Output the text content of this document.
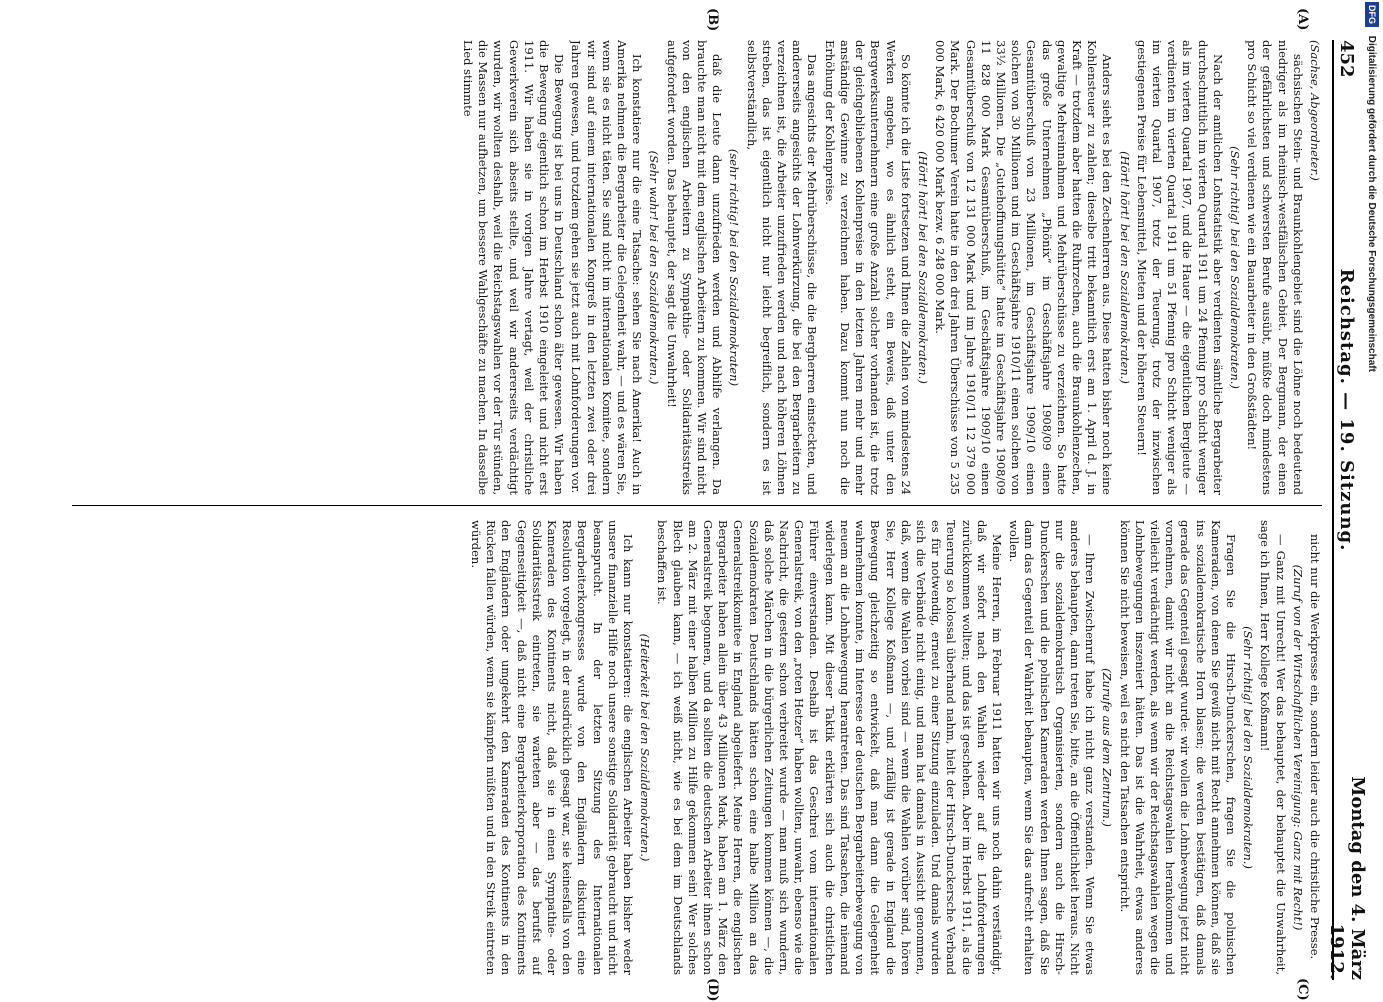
452
Reichstag. — 19. Sitzung.
Montag den 4. März 1912.
(A)
(B)
(C)
(D)

(Sachse, Abgeordneter.)

sächsischen Stein- und Braunkohlengebiet sind die Löhne noch bedeutend niedriger als im rheinisch-westfälischen Gebiet. Der Bergmann, der einen der gefährlichsten und schwersten Berufe ausübt, müßte doch mindestens pro Schicht so viel verdienen wie ein Bauarbeiter in den Großstädten!

(Sehr richtig! bei den Sozialdemokraten.)

Nach der amtlichen Lohnstatistik aber verdienten sämtliche Bergarbeiter durchschnittlich im vierten Quartal 1911 um 24 Pfennig pro Schicht weniger als im vierten Quartal 1907, und die Hauer — die eigentlichen Bergleute — verdienten im vierten Quartal 1911 um 51 Pfennig pro Schicht weniger als im vierten Quartal 1907, trotz der Teuerung, trotz der inzwischen gestiegenen Preise für Lebensmittel, Mieten und der höheren Steuern!

(Hört! hört! bei den Sozialdemokraten.)

Anders sieht es bei den Zechenherren aus. Diese hatten bisher noch keine Kohlensteuer zu zahlen; dieselbe tritt bekanntlich erst am 1. April d. J. in Kraft — trotzdem aber hatten die Ruhrzechen, auch die Braunkohlenzechen, gewaltige Mehreinnahmen und Mehrüberschüsse zu verzeichnen. So hatte das große Unternehmen „Phönix“ im Geschäftsjahre 1908/09 einen Gesamtüberschuß von 23 Millionen, im Geschäftsjahre 1909/10 einen solchen von 30 Millionen und im Geschäftsjahre 1910/11 einen solchen von 33½ Millionen. Die „Gutehoffnungshütte“ hatte im Geschäftsjahre 1908/09 11 828 000 Mark Gesamtüberschuß, im Geschäftsjahre 1909/10 einen Gesamtüberschuß von 12 131 000 Mark und im Jahre 1910/11 12 379 000 Mark. Der Bochumer Verein hatte in den drei Jahren Überschüsse von 5 235 000 Mark, 6 420 000 Mark bezw. 6 248 000 Mark.

(Hört! hört! bei den Sozialdemokraten.)

So könnte ich die Liste fortsetzen und Ihnen die Zahlen von mindestens 24 Werken angeben, wo es ähnlich steht, ein Beweis, daß unter den Bergwerksunternehmern eine große Anzahl solcher vorhanden ist, die trotz der gleichgebliebenen Kohlenpreise in den letzten Jahren mehr und mehr anständige Gewinne zu verzeichnen haben. Dazu kommt nun noch die Erhöhung der Kohlenpreise.

Das angesichts der Mehrüberschüsse, die die Bergherren einsteckten, und andererseits angesichts der Lohnverkürzung, die bei den Bergarbeitern zu verzeichnen ist, die Arbeiter unzufrieden werden und nach höheren Löhnen streben, das ist eigentlich nicht nur leicht begreiflich, sondern es ist selbstverständlich,

(sehr richtig! bei den Sozialdemokraten)

daß die Leute dann unzufrieden werden und Abhilfe verlangen. Da brauchte man nicht mit dem englischen Arbeitern zu kommen. Wir sind nicht von den englischen Arbeitern zu Sympathie- oder Solidaritätsstreiks aufgefordert worden. Das behauptet, der sagt die Unwahrheit!

(Sehr wahr! bei den Sozialdemokraten.)

Ich konstatiere nur die eine Tatsache: sehen Sie nach Amerika! Auch in Amerika nehmen die Bergarbeiter die Gelegenheit wahr, — und es wären Sie, wenn sie es nicht täten. Sie sind nicht im internationalen Komitee, sondern wir sind auf einem internationalen Kongreß in den letzten zwei oder drei Jahren gewesen, und trotzdem gehen sie jetzt auch mit Lohnforderungen vor.

Die Bewegung ist bei uns in Deutschland schon älter gewesen. Wir haben die Bewegung eigentlich schon im Herbst 1910 eingeleitet und nicht erst 1911. Wir haben sie in vorigen Jahre vertagt, weil der christliche Gewerkverein sich abseits stellte, und weil wir andererseits verdächtigt wurden, wir wollten deshalb, weil die Reichstagswahlen vor der Tür stünden, die Massen nur aufhetzen, um bessere Wahlgeschäfte zu machen. In dasselbe Lied stimmte

nicht nur die Werkpresse ein, sondern leider auch die christliche Presse.

(Zuruf von der Wirtschaftlichen Vereinigung: Ganz mit Recht!)

— Ganz mit Unrecht! Wer das behauptet, der behauptet die Unwahrheit, sage ich Ihnen, Herr Kollege Koßmann!

(Sehr richtig! bei den Sozialdemokraten.)

Fragen Sie die Hirsch-Dunckerschen, fragen Sie die polnischen Kameraden, von denen Sie gewiß nicht mit Recht annehmen können, daß sie ins sozialdemokratische Horn blasen; die werden bestätigen, daß damals gerade das Gegenteil gesagt wurde: wir wollen die Lohnbewegung jetzt nicht vornehmen, damit wir nicht an die Reichstagswahlen herankommen und vielleicht verdächtigt werden, als wenn wir der Reichstagswahlen wegen die Lohnbewegungen inszeniert hätten. Das ist die Wahrheit, etwas anderes können Sie nicht beweisen, weil es nicht den Tatsachen entspricht.

(Zurufe aus dem Zentrum.)

— Ihren Zwischenruf habe ich nicht ganz verstanden. Wenn Sie etwas anderes behaupten, dann treten Sie, bitte, an die Öffentlichkeit heraus. Nicht nur die sozialdemokratisch Organisierten, sondern auch die Hirsch-Dunckerschen und die polnischen Kameraden werden Ihnen sagen, daß Sie dann das Gegenteil der Wahrheit behaupten, wenn Sie das aufrecht erhalten wollen.

Meine Herren, im Februar 1911 hatten wir uns noch dahin verständigt, daß wir sofort nach den Wahlen wieder auf die Lohnforderungen zurückkommen wollten; und das ist geschehen. Aber im Herbst 1911, als die Teuerung so kolossal überhand nahm, hielt der Hirsch-Dunckersche Verband es für notwendig, erneut zu einer Sitzung einzuladen. Und damals wurden sich die Verbände nicht einig, und man hat damals in Aussicht genommen, daß, wenn die Wahlen vorbei sind — wenn die Wahlen vorüber sind, hören Sie, Herr Kollege Koßmann —, und zufällig ist gerade in England die Bewegung gleichzeitig so entwickelt, daß man dann die Gelegenheit wahrnehmen konnte, im Interesse der deutschen Bergarbeiterbewegung von neuem an die Lohnbewegung herantreten. Das sind Tatsachen, die niemand widerlegen kann. Mit dieser Taktik erklärten sich auch die christlichen Führer einverstanden. Deshalb ist das Geschrei vom internationalen Generalstreik, von den „roten Hetzer“ haben wollten, unwahr, ebenso wie die Nachricht, die gestern schon verbreitet wurde — man muß sich wundern, daß solche Märchen in die bürgerlichen Zeitungen kommen können —, die Sozialdemokraten Deutschlands hätten schon eine halbe Million an das Generalstreikkomitee in England abgeliefert. Meine Herren, die englischen Bergarbeiter haben allein über 43 Millionen Mark, haben am 1. März den Generalstreik begonnen, und da sollten die deutschen Arbeiter ihnen schon am 2. März mit einer halben Million zu Hilfe gekommen sein! Wer solches Blech glauben kann, — ich weiß nicht, wie es bei dem im Deutschlands beschaffen ist.

(Heiterkeit bei den Sozialdemokraten.)

Ich kann nur konstatieren: die englischen Arbeiter haben bisher weder unsere finanzielle Hilfe noch unsere sonstige Solidarität gebraucht und nicht beansprucht. In der letzten Sitzung des Internationalen Bergarbeiterkongresses wurde von den Engländern diskutiert eine Resolution vorgelegt, in der ausdrücklich gesagt war, sie keinesfalls von den Kameraden des Kontinents nicht, daß sie in einen Sympathie- oder Solidaritätsstreik eintreten, sie warteten aber — das berufst auf Gegenseitigkeit —, daß nicht eine Bergarbeiterkorporation des Kontinents den Engländern oder umgekehrt den Kameraden des Kontinents in den Rücken fallen würden, wenn sie kämpfen müßten und in den Streik eintreten würden.

DFG Digitalisierung gefördert durch die Deutsche Forschungsgemeinschaft
